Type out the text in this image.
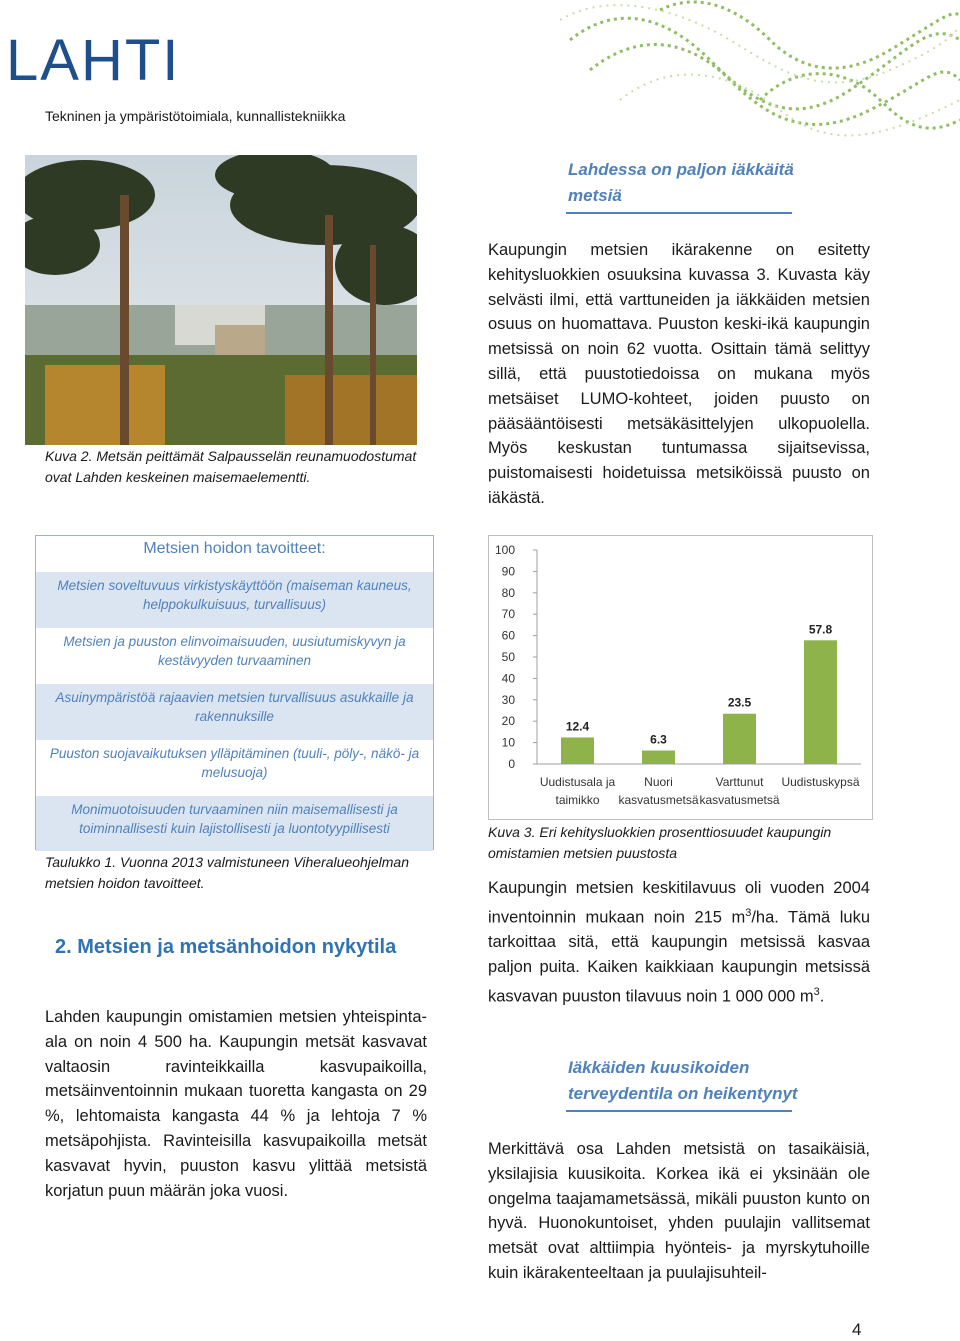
LAHTI
Tekninen ja ympäristötoimiala, kunnallistekniikka
Kuva 2. Metsän peittämät Salpausselän reunamuodostumat ovat Lahden keskeinen maisemaelementti.
Lahdessa on paljon iäkkäitä metsiä
Kaupungin metsien ikärakenne on esitetty kehitysluokkien osuuksina kuvassa 3. Kuvasta käy selvästi ilmi, että varttuneiden ja iäkkäiden metsien osuus on huomattava. Puuston keski-ikä kaupungin metsissä on noin 62 vuotta. Osittain tämä selittyy sillä, että puustotiedoissa on mukana myös metsäiset LUMO-kohteet, joiden puusto on pääsääntöisesti metsäkäsittelyjen ulkopuolella. Myös keskustan tuntumassa sijaitsevissa, puistomaisesti hoidetuissa metsiköissä puusto on iäkästä.
Metsien hoidon tavoitteet:
Metsien soveltuvuus virkistyskäyttöön (maiseman kauneus, helppokulkuisuus, turvallisuus)
Metsien ja puuston elinvoimaisuuden, uusiutumiskyvyn ja kestävyyden turvaaminen
Asuinympäristöä rajaavien metsien turvallisuus asukkaille ja rakennuksille
Puuston suojavaikutuksen ylläpitäminen (tuuli-, pöly-, näkö- ja melusuoja)
Monimuotoisuuden turvaaminen niin maisemallisesti ja toiminnallisesti kuin lajistollisesti ja luontotyypillisesti
Taulukko 1. Vuonna 2013 valmistuneen Viheralueohjelman metsien hoidon tavoitteet.
2. Metsien ja metsänhoidon nykytila
Lahden kaupungin omistamien metsien yhteispinta-ala on noin 4 500 ha. Kaupungin metsät kasvavat valtaosin ravinteikkailla kasvupaikoilla, metsäinventoinnin mukaan tuoretta kangasta on 29 %, lehtomaista kangasta 44 % ja lehtoja 7 % metsäpohjista. Ravinteisilla kasvupaikoilla metsät kasvavat hyvin, puuston kasvu ylittää metsistä korjatun puun määrän joka vuosi.
0
10
20
30
40
50
60
70
80
90
100
12.4
Uudistusala ja
taimikko
6.3
Nuori
kasvatusmetsä
23.5
Varttunut
kasvatusmetsä
57.8
Uudistuskypsä
Kuva 3. Eri kehitysluokkien prosenttiosuudet kaupungin omistamien metsien puustosta
Kaupungin metsien keskitilavuus oli vuoden 2004 inventoinnin mukaan noin 215 $m^3/ha$. Tämä luku tarkoittaa sitä, että kaupungin metsissä kasvaa paljon puita. Kaiken kaikkiaan kaupungin metsissä kasvavan puuston tilavuus noin 1 000 000 $m^3$.
Iäkkäiden kuusikoiden terveydentila on heikentynyt
Merkittävä osa Lahden metsistä on tasaikäisiä, yksilajisia kuusikoita. Korkea ikä ei yksinään ole ongelma taajamametsässä, mikäli puuston kunto on hyvä. Huonokuntoiset, yhden puulajin vallitsemat metsät ovat alttiimpia hyönteis- ja myrskytuhoille kuin ikärakenteeltaan ja puulajisuhteil-
4
